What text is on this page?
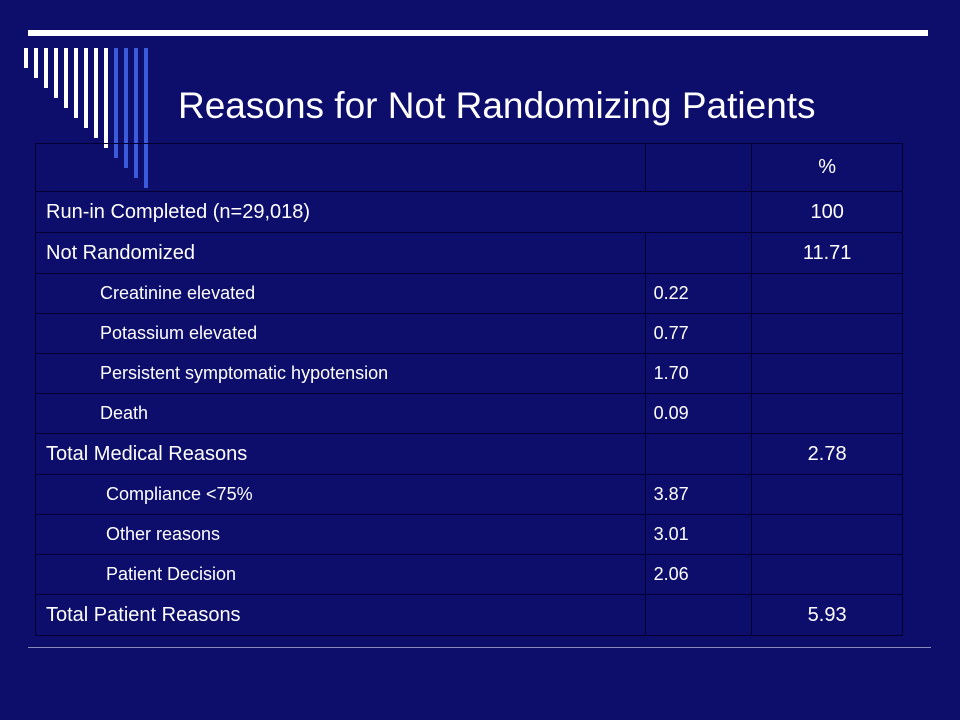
Reasons for Not Randomizing Patients
		%
Run-in Completed (n=29,018)		100
Not Randomized		11.71
Creatinine elevated	0.22	
Potassium elevated	0.77	
Persistent symptomatic hypotension	1.70	
Death	0.09	
Total Medical Reasons		2.78
Compliance <75%	3.87	
Other reasons	3.01	
Patient Decision	2.06	
Total Patient Reasons		5.93
